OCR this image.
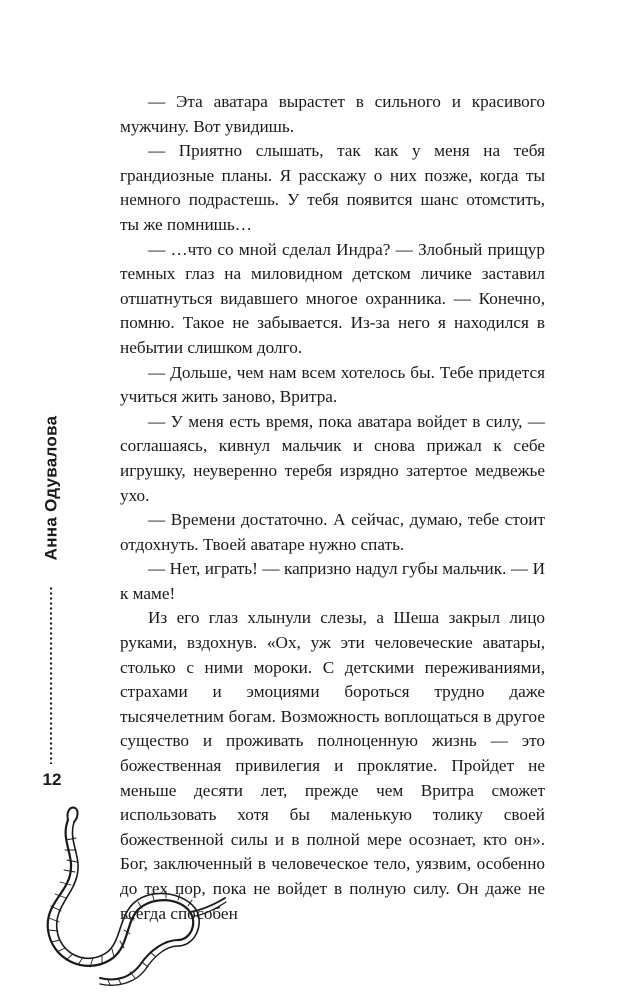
Анна Одувалова
12

— Эта аватара вырастет в сильного и красивого мужчину. Вот увидишь.

— Приятно слышать, так как у меня на тебя грандиозные планы. Я расскажу о них позже, когда ты немного подрастешь. У тебя появится шанс отомстить, ты же помнишь…

— …что со мной сделал Индра? — Злобный прищур темных глаз на миловидном детском личике заставил отшатнуться видавшего многое охранника. — Конечно, помню. Такое не забывается. Из-за него я находился в небытии слишком долго.

— Дольше, чем нам всем хотелось бы. Тебе придется учиться жить заново, Вритра.

— У меня есть время, пока аватара войдет в силу, — соглашаясь, кивнул мальчик и снова прижал к себе игрушку, неуверенно теребя изрядно затертое медвежье ухо.

— Времени достаточно. А сейчас, думаю, тебе стоит отдохнуть. Твоей аватаре нужно спать.

— Нет, играть! — капризно надул губы мальчик. — И к маме!

Из его глаз хлынули слезы, а Шеша закрыл лицо руками, вздохнув. «Ох, уж эти человеческие аватары, столько с ними мороки. С детскими переживаниями, страхами и эмоциями бороться трудно даже тысячелетним богам. Возможность воплощаться в другое существо и проживать полноценную жизнь — это божественная привилегия и проклятие. Пройдет не меньше десяти лет, прежде чем Вритра сможет использовать хотя бы маленькую толику своей божественной силы и в полной мере осознает, кто он». Бог, заключенный в человеческое тело, уязвим, особенно до тех пор, пока не войдет в полную силу. Он даже не всегда способен
